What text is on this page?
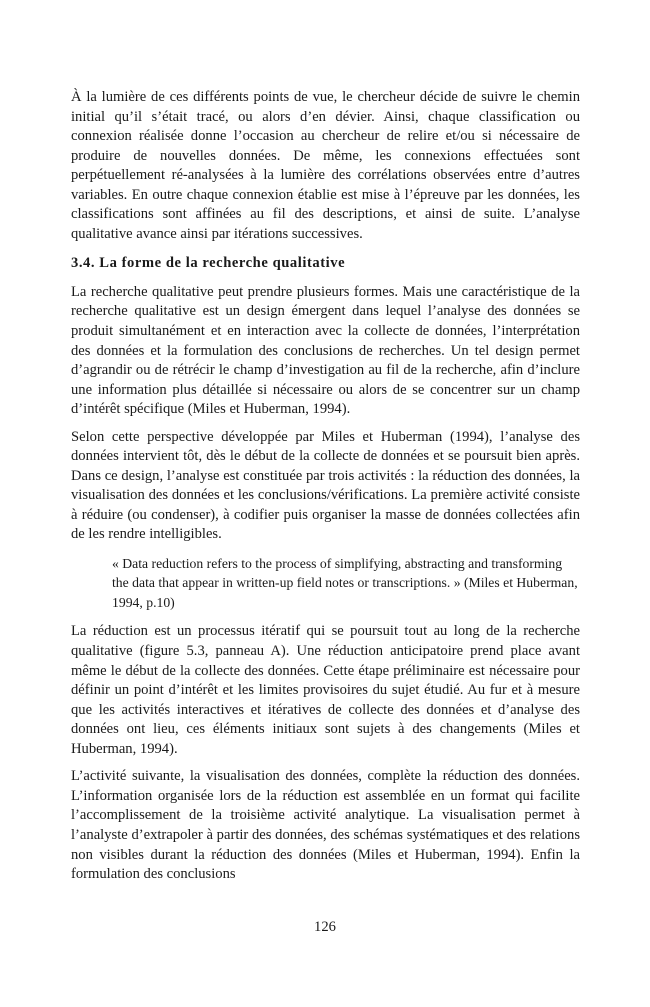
À la lumière de ces différents points de vue, le chercheur décide de suivre le chemin initial qu’il s’était tracé, ou alors d’en dévier. Ainsi, chaque classification ou connexion réalisée donne l’occasion au chercheur de relire et/ou si nécessaire de produire de nouvelles données. De même, les connexions effectuées sont perpétuellement ré-analysées à la lumière des corrélations observées entre d’autres variables. En outre chaque connexion établie est mise à l’épreuve par les données, les classifications sont affinées au fil des descriptions, et ainsi de suite. L’analyse qualitative avance ainsi par itérations successives.

3.4. La forme de la recherche qualitative

La recherche qualitative peut prendre plusieurs formes. Mais une caractéristique de la recherche qualitative est un design émergent dans lequel l’analyse des données se produit simultanément et en interaction avec la collecte de données, l’interprétation des données et la formulation des conclusions de recherches. Un tel design permet d’agrandir ou de rétrécir le champ d’investigation au fil de la recherche, afin d’inclure une information plus détaillée si nécessaire ou alors de se concentrer sur un champ d’intérêt spécifique (Miles et Huberman, 1994).

Selon cette perspective développée par Miles et Huberman (1994), l’analyse des données intervient tôt, dès le début de la collecte de données et se poursuit bien après. Dans ce design, l’analyse est constituée par trois activités : la réduction des données, la visualisation des données et les conclusions/vérifications. La première activité consiste à réduire (ou condenser), à codifier puis organiser la masse de données collectées afin de les rendre intelligibles.

« Data reduction refers to the process of simplifying, abstracting and transforming the data that appear in written-up field notes or transcriptions. » (Miles et Huberman, 1994, p.10)

La réduction est un processus itératif qui se poursuit tout au long de la recherche qualitative (figure 5.3, panneau A). Une réduction anticipatoire prend place avant même le début de la collecte des données. Cette étape préliminaire est nécessaire pour définir un point d’intérêt et les limites provisoires du sujet étudié. Au fur et à mesure que les activités interactives et itératives de collecte des données et d’analyse des données ont lieu, ces éléments initiaux sont sujets à des changements (Miles et Huberman, 1994).

L’activité suivante, la visualisation des données, complète la réduction des données. L’information organisée lors de la réduction est assemblée en un format qui facilite l’accomplissement de la troisième activité analytique. La visualisation permet à l’analyste d’extrapoler à partir des données, des schémas systématiques et des relations non visibles durant la réduction des données (Miles et Huberman, 1994). Enfin la formulation des conclusions

126
